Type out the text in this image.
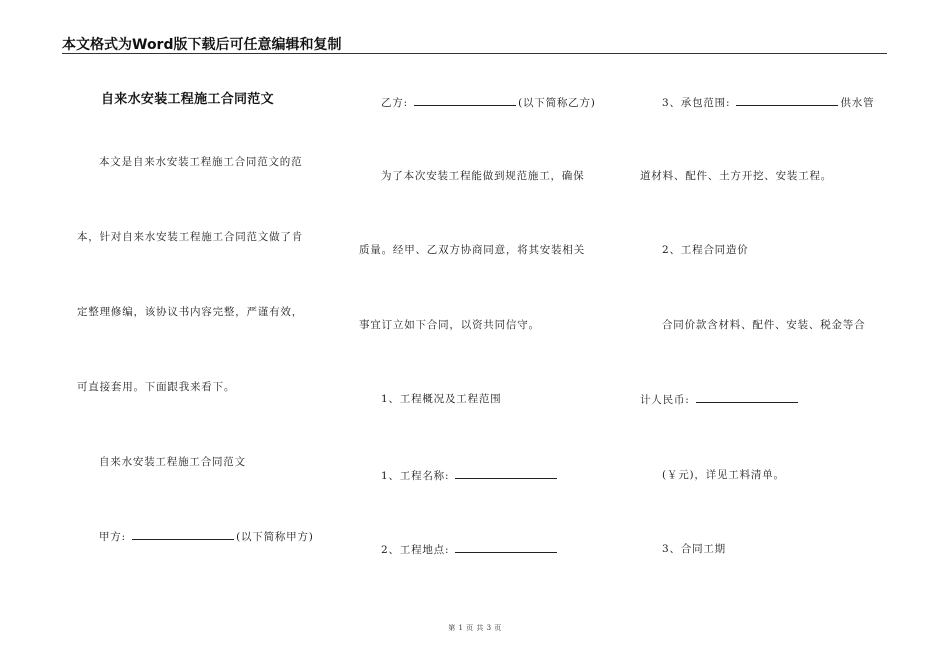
本文格式为Word版下载后可任意编辑和复制
自来水安装工程施工合同范文
本文是自来水安装工程施工合同范文的范
本，针对自来水安装工程施工合同范文做了肯
定整理修编，该协议书内容完整，严谨有效，
可直接套用。下面跟我来看下。
自来水安装工程施工合同范文
甲方:	(以下简称甲方)
乙方:	(以下简称乙方)
为了本次安装工程能做到规范施工，确保
质量。经甲、乙双方协商同意，将其安装相关
事宜订立如下合同，以资共同信守。
1、工程概况及工程范围
1、工程名称:
2、工程地点:
3、承包范围:	供水管
道材料、配件、土方开挖、安装工程。
2、工程合同造价
合同价款含材料、配件、安装、税金等合
计人民币:
(￥元)，详见工料清单。
3、合同工期
第 1 页 共 3 页
